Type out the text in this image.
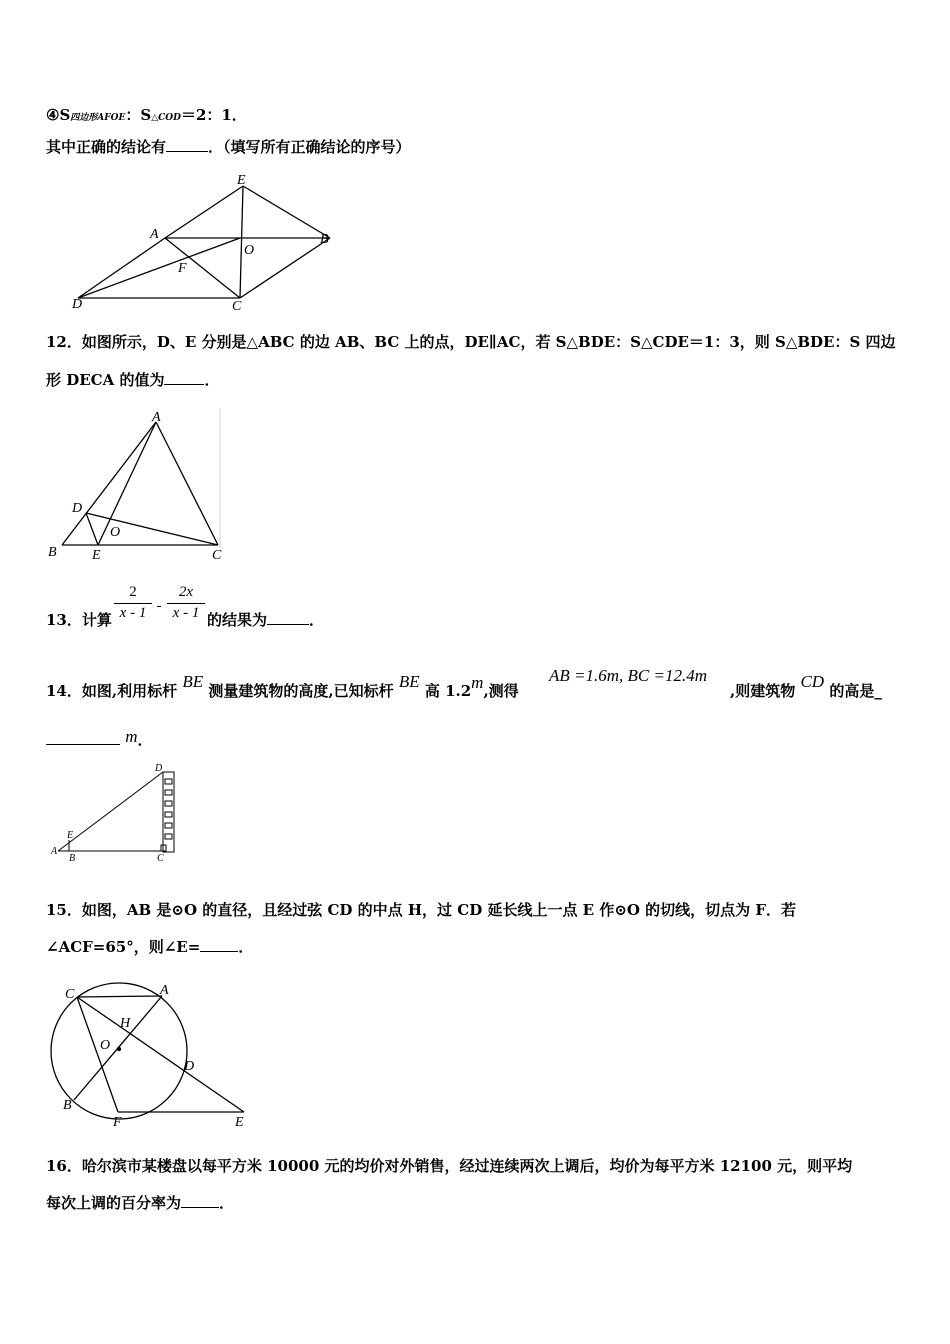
④S四边形AFOE：S△COD＝2：1．
其中正确的结论有	．（填写所有正确结论的序号）
E
A
O
B
F
D	C
12．如图所示，D、E 分别是△ABC 的边 AB、BC 上的点，DE∥AC，若 S△BDE：S△CDE＝1：3，则 S△BDE：S 四边
形 DECA 的值为	．
A
D
O
B	E	C
13．计算 $\frac{2}{x - 1} - \frac{2x}{x - 1}$ 的结果为	．
14．如图,利用标杆 BE 测量建筑物的高度,已知标杆 BE 高 1.2m,测得
AB =1.6m, BC =12.4m
,则建筑物 CD 的高是_
m．
D
E
A
B	C
15．如图，AB 是⊙O 的直径，且经过弦 CD 的中点 H，过 CD 延长线上一点 E 作⊙O 的切线，切点为 F．若
∠ACF=65°，则∠E=	．
C	A
H
O
D
B
F	E
16．哈尔滨市某楼盘以每平方米 10000 元的均价对外销售，经过连续两次上调后，均价为每平方米 12100 元，则平均
每次上调的百分率为	．
